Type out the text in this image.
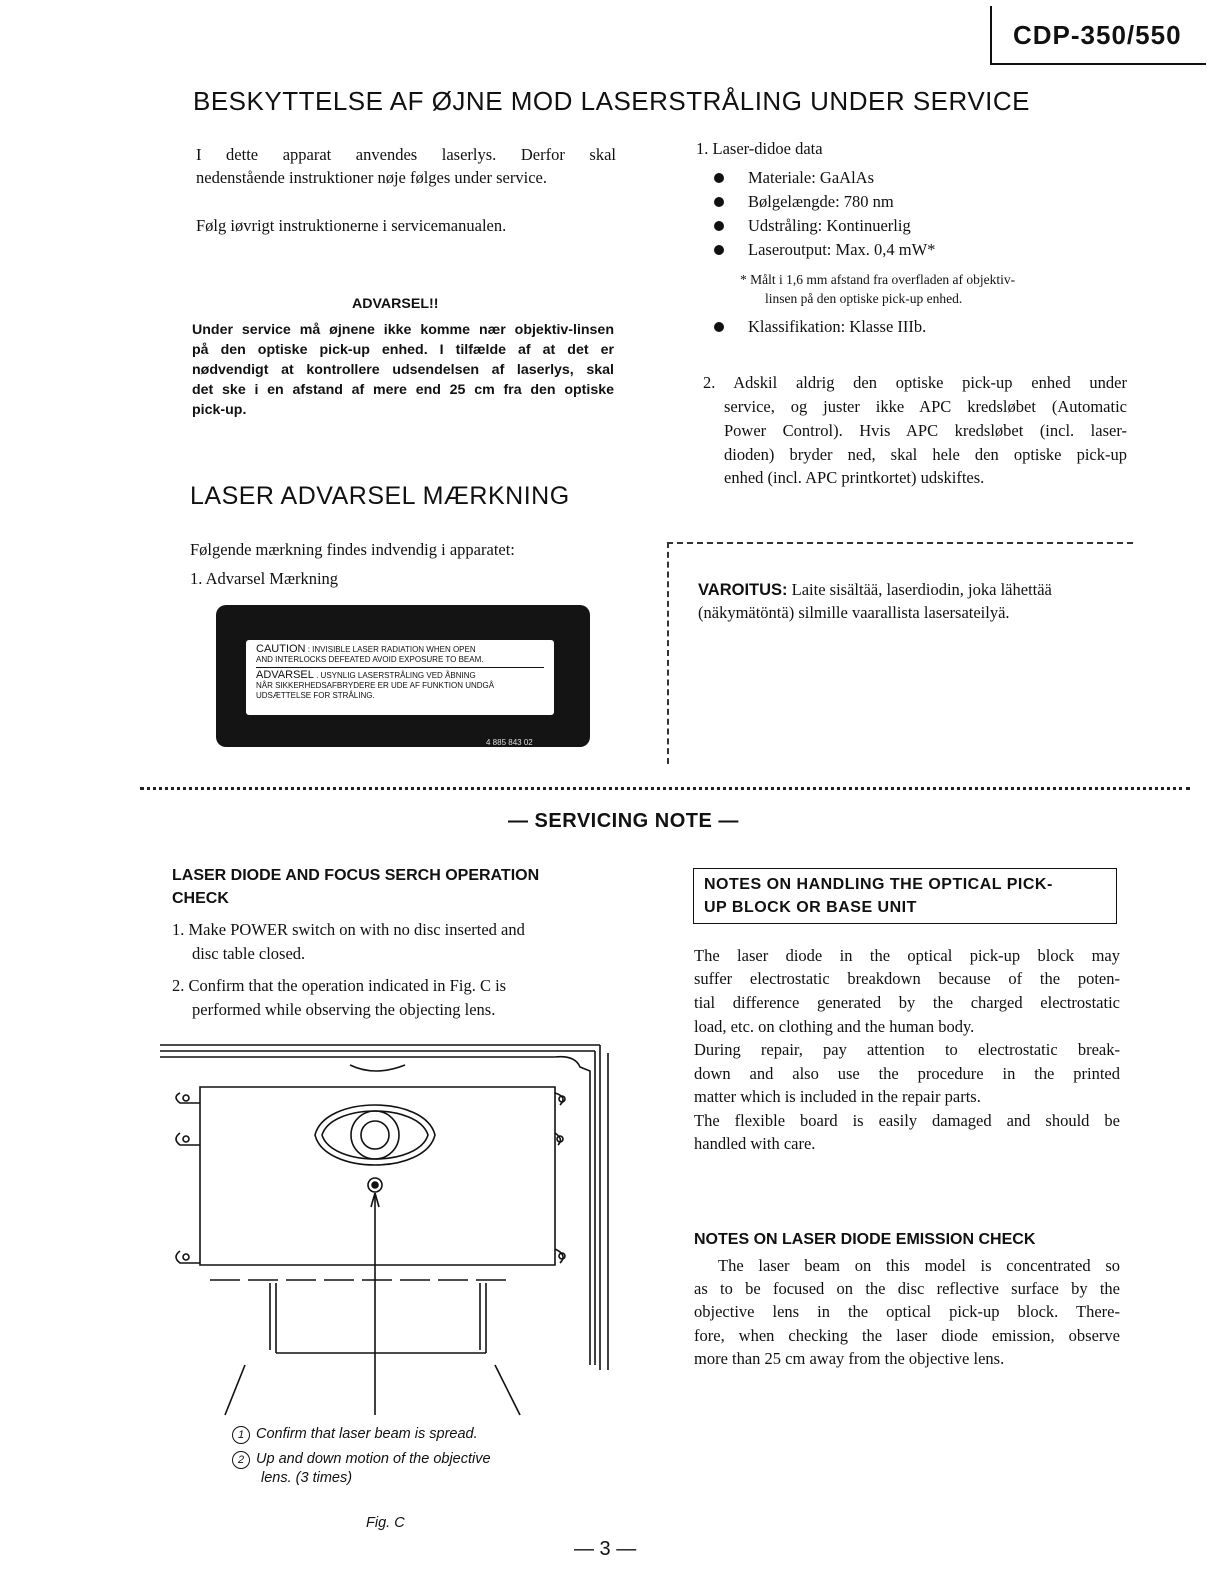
CDP-350/550
BESKYTTELSE AF ØJNE MOD LASERSTRÅLING UNDER SERVICE
I dette apparat anvendes laserlys. Derfor skal
nedenstående instruktioner nøje følges under service.
Følg iøvrigt instruktionerne i servicemanualen.
ADVARSEL!!
Under service må øjnene ikke komme nær objektiv-linsen
på den optiske pick-up enhed. I tilfælde af at det er
nødvendigt at kontrollere udsendelsen af laserlys, skal
det ske i en afstand af mere end 25 cm fra den optiske
pick-up.
LASER ADVARSEL MÆRKNING
Følgende mærkning findes indvendig i apparatet:
1. Advarsel Mærkning
CAUTION : INVISIBLE LASER RADIATION WHEN OPEN
AND INTERLOCKS DEFEATED AVOID EXPOSURE TO BEAM.
ADVARSEL . USYNLIG LASERSTRÅLING VED ÅBNING
NÅR SIKKERHEDSAFBRYDERE ER UDE AF FUNKTION UNDGÅ
UDSÆTTELSE FOR STRÅLING.
4 885 843 02
1. Laser-didoe data
Materiale: GaAlAs
Bølgelængde: 780 nm
Udstråling: Kontinuerlig
Laseroutput: Max. 0,4 mW*
* Målt i 1,6 mm afstand fra overfladen af objektiv-
linsen på den optiske pick-up enhed.
Klassifikation: Klasse IIIb.
2. Adskil aldrig den optiske pick-up enhed under
service, og juster ikke APC kredsløbet (Automatic
Power Control). Hvis APC kredsløbet (incl. laser-
dioden) bryder ned, skal hele den optiske pick-up
enhed (incl. APC printkortet) udskiftes.
VAROITUS: Laite sisältää, laserdiodin, joka lähettää
(näkymätöntä) silmille vaarallista lasersateilyä.
— SERVICING NOTE —
LASER DIODE AND FOCUS SERCH OPERATION
CHECK
1. Make POWER switch on with no disc inserted and
disc table closed.
2. Confirm that the operation indicated in Fig. C is
performed while observing the objecting lens.
1 Confirm that laser beam is spread.
2 Up and down motion of the objective
lens. (3 times)
Fig. C
NOTES ON HANDLING THE OPTICAL PICK-
UP BLOCK OR BASE UNIT
The laser diode in the optical pick-up block may
suffer electrostatic breakdown because of the poten-
tial difference generated by the charged electrostatic
load, etc. on clothing and the human body.
During repair, pay attention to electrostatic break-
down and also use the procedure in the printed
matter which is included in the repair parts.
The flexible board is easily damaged and should be
handled with care.
NOTES ON LASER DIODE EMISSION CHECK
The laser beam on this model is concentrated so
as to be focused on the disc reflective surface by the
objective lens in the optical pick-up block. There-
fore, when checking the laser diode emission, observe
more than 25 cm away from the objective lens.
— 3 —
